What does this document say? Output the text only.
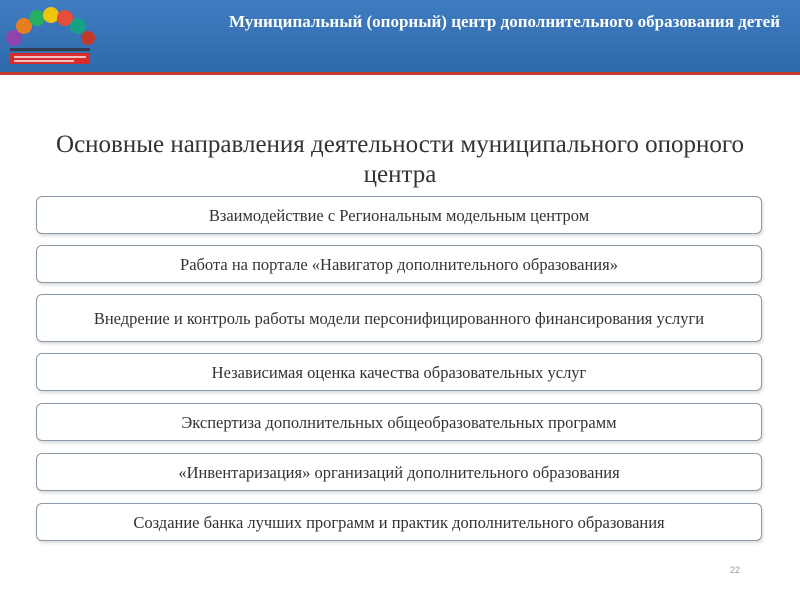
Муниципальный (опорный) центр дополнительного образования детей
Основные направления деятельности муниципального опорного центра
Взаимодействие с Региональным модельным центром
Работа на портале «Навигатор дополнительного образования»
Внедрение и контроль работы модели персонифицированного финансирования услуги
Независимая оценка качества образовательных услуг
Экспертиза дополнительных общеобразовательных программ
«Инвентаризация» организаций дополнительного образования
Создание банка лучших программ и практик дополнительного образования
22
